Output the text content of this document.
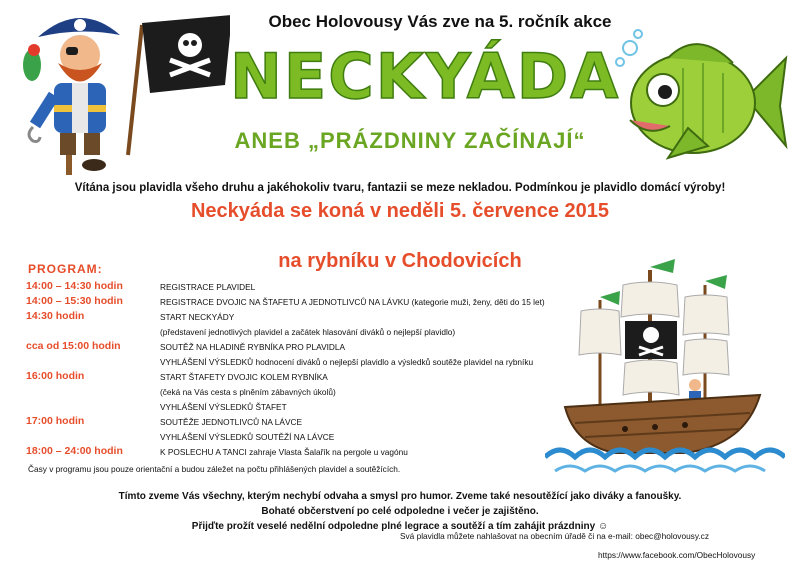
Obec Holovousy Vás zve na 5. ročník akce
NECKYÁDA
ANEB „PRÁZDNINY ZAČÍNAJÍ“
Vítána jsou plavidla všeho druhu a jakéhokoliv tvaru, fantazii se meze nekladou. Podmínkou je plavidlo domácí výroby!
Neckyáda se koná v neděli 5. července 2015
na rybníku v Chodovicích
PROGRAM:
14:00 – 14:30 hodin	REGISTRACE PLAVIDEL
14:00 – 15:30 hodin	REGISTRACE DVOJIC NA ŠTAFETU A JEDNOTLIVCŮ NA LÁVKU (kategorie muži, ženy, děti do 15 let)
14:30 hodin	START NECKYÁDY
(představení jednotlivých plavidel a začátek hlasování diváků o nejlepší plavidlo)
cca od 15:00 hodin	SOUTĚŽ NA HLADINĚ RYBNÍKA PRO PLAVIDLA
VYHLÁŠENÍ VÝSLEDKŮ hodnocení diváků o nejlepší plavidlo a výsledků soutěže plavidel na rybníku
16:00 hodin	START ŠTAFETY DVOJIC KOLEM RYBNÍKA
(čeká na Vás cesta s plněním zábavných úkolů)
VYHLÁŠENÍ VÝSLEDKŮ ŠTAFET
17:00 hodin	SOUTĚŽE JEDNOTLIVCŮ NA LÁVCE
VYHLÁŠENÍ VÝSLEDKŮ SOUTĚŽÍ NA LÁVCE
18:00 – 24:00 hodin	K POSLECHU A TANCI zahraje Vlasta Šalařík na pergole u vagónu
Časy v programu jsou pouze orientační a budou záležet na počtu přihlášených plavidel a soutěžících.
Tímto zveme Vás všechny, kterým nechybí odvaha a smysl pro humor. Zveme také nesoutěžící jako diváky a fanoušky.
Bohaté občerstvení po celé odpoledne i večer je zajištěno.
Přijďte prožít veselé nedělní odpoledne plné legrace a soutěží a tím zahájit prázdniny ☺
Svá plavidla můžete nahlašovat na obecním úřadě či na e-mail: obec@holovousy.cz
https://www.facebook.com/ObecHolovousy
